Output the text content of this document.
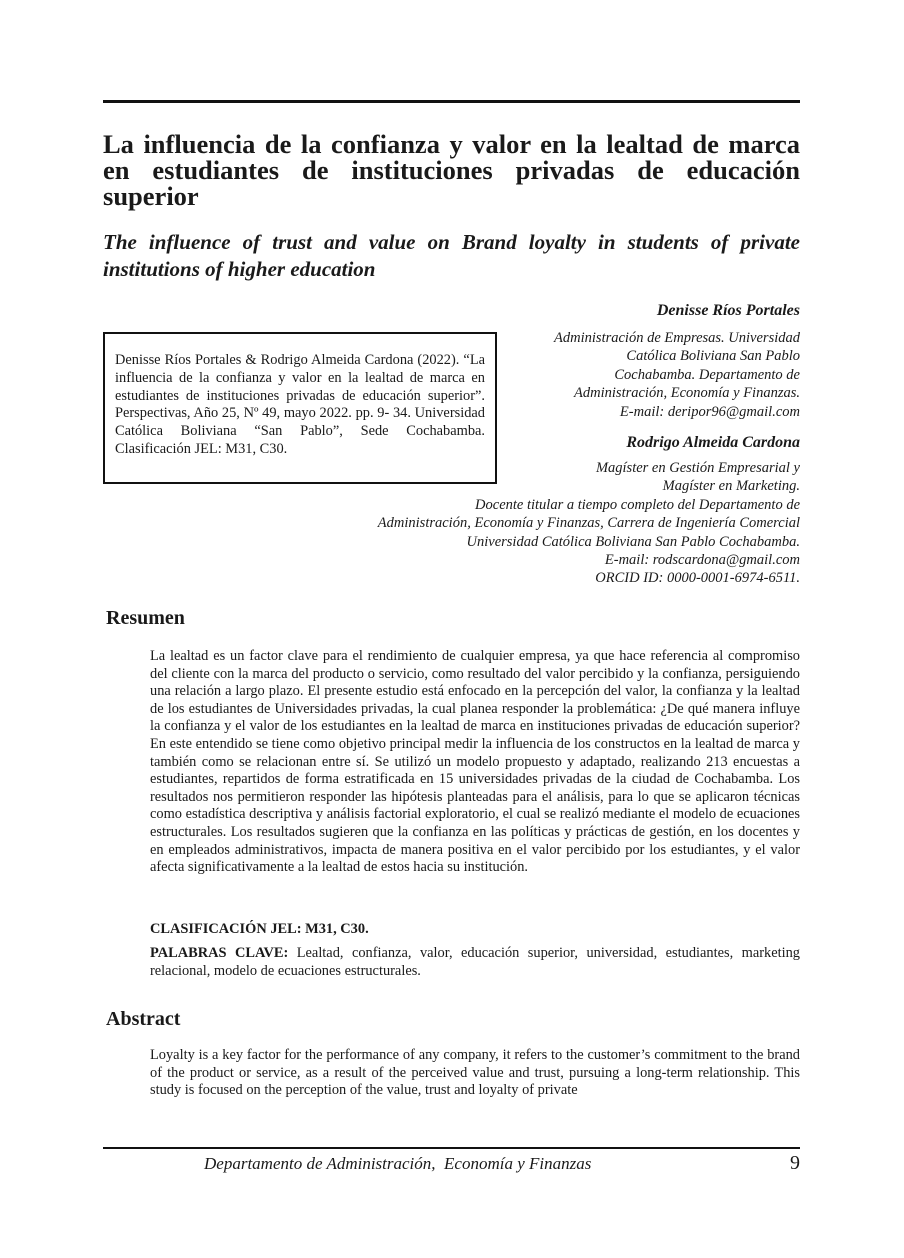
La influencia de la confianza y valor en la lealtad de marca en estudiantes de instituciones privadas de educación superior
The influence of trust and value on Brand loyalty in students of private institutions of higher education

Denisse Ríos Portales

Administración de Empresas. Universidad
Católica Boliviana San Pablo
Cochabamba. Departamento de
Administración, Economía y Finanzas.
E-mail: deripor96@gmail.com
Denisse Ríos Portales & Rodrigo Almeida Cardona (2022). “La influencia de la confianza y valor en la lealtad de marca en estudiantes de instituciones privadas de educación superior”. Perspectivas, Año 25, Nº 49, mayo 2022. pp. 9- 34. Universidad Católica Boliviana “San Pablo”, Sede Cochabamba. Clasificación JEL: M31, C30.	Rodrigo Almeida Cardona

Magíster en Gestión Empresarial y
Magíster en Marketing.
Docente titular a tiempo completo del Departamento de
Administración, Economía y Finanzas, Carrera de Ingeniería Comercial
Universidad Católica Boliviana San Pablo Cochabamba.
E-mail: rodscardona@gmail.com
ORCID ID: 0000-0001-6974-6511.
Resumen

La lealtad es un factor clave para el rendimiento de cualquier empresa, ya que hace referencia al compromiso del cliente con la marca del producto o servicio, como resultado del valor percibido y la confianza, persiguiendo una relación a largo plazo. El presente estudio está enfocado en la percepción del valor, la confianza y la lealtad de los estudiantes de Universidades privadas, la cual planea responder la problemática: ¿De qué manera influye la confianza y el valor de los estudiantes en la lealtad de marca en instituciones privadas de educación superior? En este entendido se tiene como objetivo principal medir la influencia de los constructos en la lealtad de marca y también como se relacionan entre sí. Se utilizó un modelo propuesto y adaptado, realizando 213 encuestas a estudiantes, repartidos de forma estratificada en 15 universidades privadas de la ciudad de Cochabamba. Los resultados nos permitieron responder las hipótesis planteadas para el análisis, para lo que se aplicaron técnicas como estadística descriptiva y análisis factorial exploratorio, el cual se realizó mediante el modelo de ecuaciones estructurales. Los resultados sugieren que la confianza en las políticas y prácticas de gestión, en los docentes y en empleados administrativos, impacta de manera positiva en el valor percibido por los estudiantes, y el valor afecta significativamente a la lealtad de estos hacia su institución.

CLASIFICACIÓN JEL: M31, C30.

PALABRAS CLAVE: Lealtad, confianza, valor, educación superior, universidad, estudiantes, marketing relacional, modelo de ecuaciones estructurales.

Abstract

Loyalty is a key factor for the performance of any company, it refers to the customer’s commitment to the brand of the product or service, as a result of the perceived value and trust, pursuing a long-term relationship. This study is focused on the perception of the value, trust and loyalty of private

Departamento de Administración,  Economía y Finanzas	9
